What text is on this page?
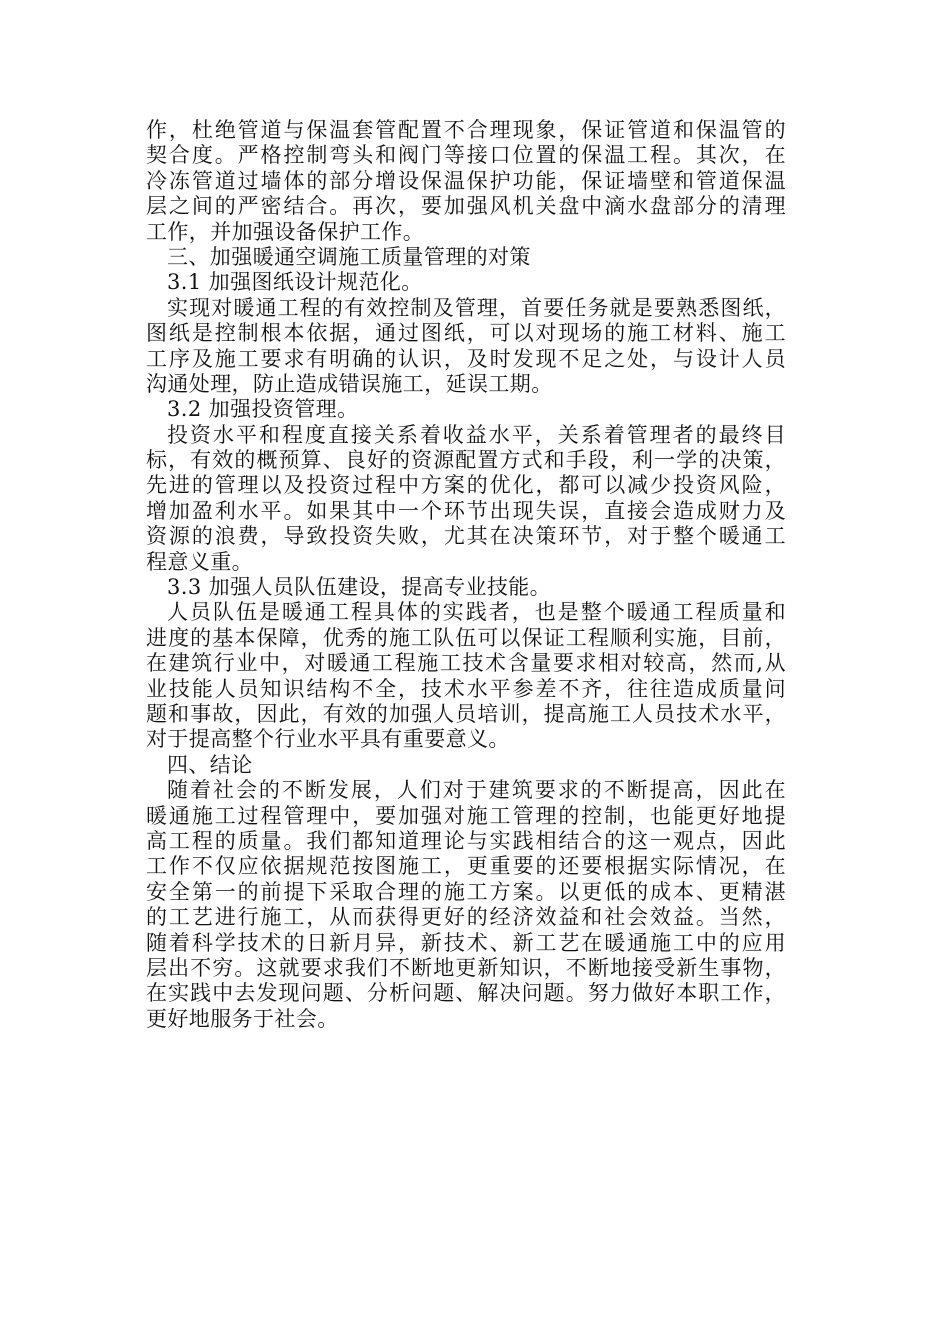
作，杜绝管道与保温套管配置不合理现象，保证管道和保温管的
契合度。严格控制弯头和阀门等接口位置的保温工程。其次，在
冷冻管道过墙体的部分增设保温保护功能，保证墙壁和管道保温
层之间的严密结合。再次，要加强风机关盘中滴水盘部分的清理
工作，并加强设备保护工作。
三、加强暖通空调施工质量管理的对策
3.1 加强图纸设计规范化。
实现对暖通工程的有效控制及管理，首要任务就是要熟悉图纸，
图纸是控制根本依据，通过图纸，可以对现场的施工材料、施工
工序及施工要求有明确的认识，及时发现不足之处，与设计人员
沟通处理，防止造成错误施工，延误工期。
3.2 加强投资管理。
投资水平和程度直接关系着收益水平，关系着管理者的最终目
标，有效的概预算、良好的资源配置方式和手段，利一学的决策，
先进的管理以及投资过程中方案的优化，都可以减少投资风险，
增加盈利水平。如果其中一个环节出现失误，直接会造成财力及
资源的浪费，导致投资失败，尤其在决策环节，对于整个暖通工
程意义重。
3.3 加强人员队伍建设，提高专业技能。
人员队伍是暖通工程具体的实践者，也是整个暖通工程质量和
进度的基本保障，优秀的施工队伍可以保证工程顺利实施，目前，
在建筑行业中，对暖通工程施工技术含量要求相对较高，然而,从
业技能人员知识结构不全，技术水平参差不齐，往往造成质量问
题和事故，因此，有效的加强人员培训，提高施工人员技术水平，
对于提高整个行业水平具有重要意义。
四、结论
随着社会的不断发展，人们对于建筑要求的不断提高，因此在
暖通施工过程管理中，要加强对施工管理的控制，也能更好地提
高工程的质量。我们都知道理论与实践相结合的这一观点，因此
工作不仅应依据规范按图施工，更重要的还要根据实际情况，在
安全第一的前提下采取合理的施工方案。以更低的成本、更精湛
的工艺进行施工，从而获得更好的经济效益和社会效益。当然，
随着科学技术的日新月异，新技术、新工艺在暖通施工中的应用
层出不穷。这就要求我们不断地更新知识，不断地接受新生事物，
在实践中去发现问题、分析问题、解决问题。努力做好本职工作，
更好地服务于社会。
